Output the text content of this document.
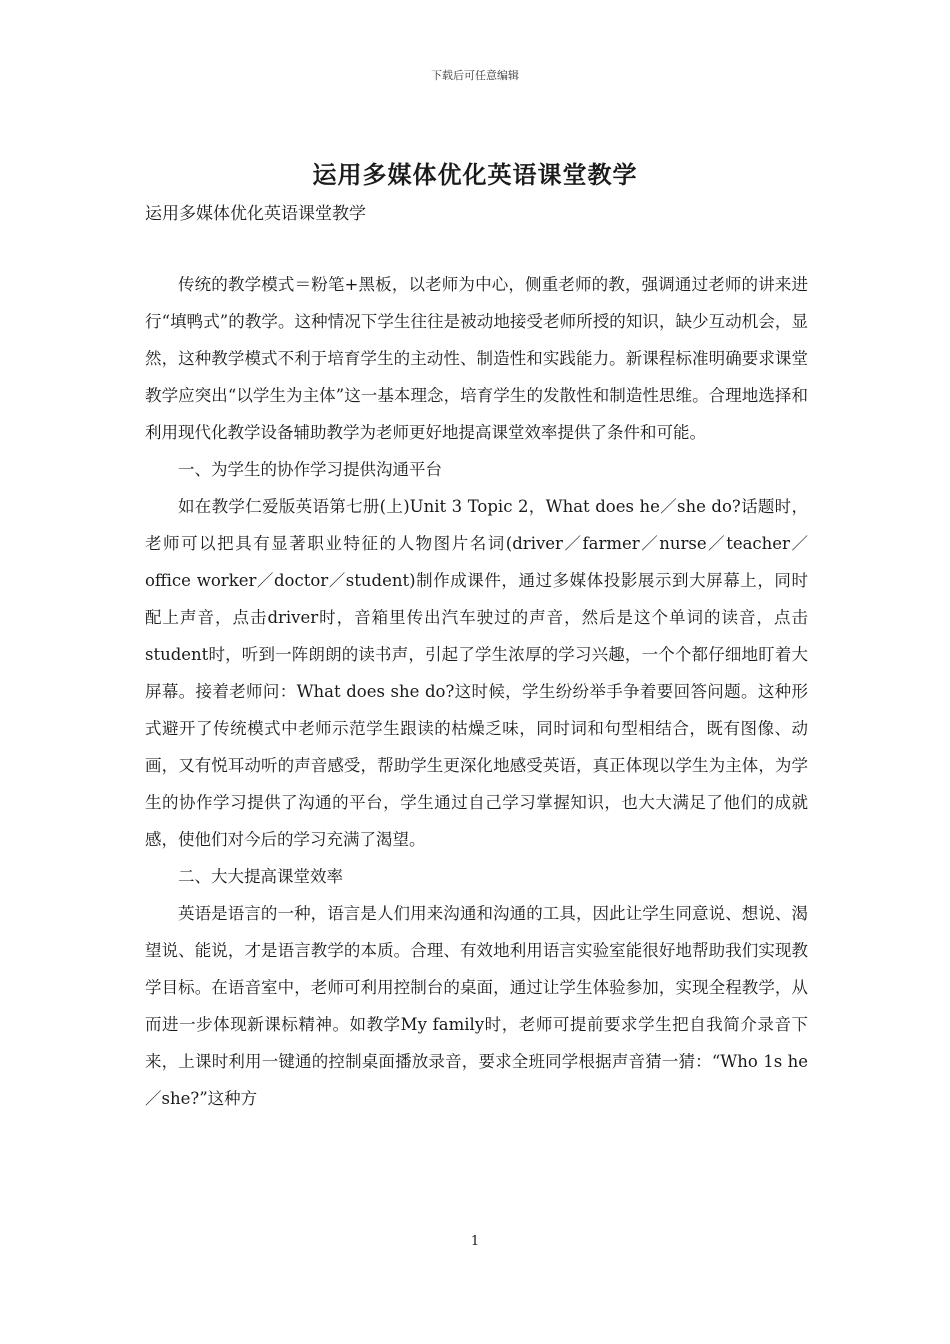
下载后可任意编辑
运用多媒体优化英语课堂教学
运用多媒体优化英语课堂教学

传统的教学模式＝粉笔+黑板，以老师为中心，侧重老师的教，强调通过老师的讲来进行“填鸭式”的教学。这种情况下学生往往是被动地接受老师所授的知识，缺少互动机会，显然，这种教学模式不利于培育学生的主动性、制造性和实践能力。新课程标准明确要求课堂教学应突出“以学生为主体”这一基本理念，培育学生的发散性和制造性思维。合理地选择和利用现代化教学设备辅助教学为老师更好地提高课堂效率提供了条件和可能。

一、为学生的协作学习提供沟通平台

如在教学仁爱版英语第七册(上)Unit 3 Topic 2，What does he／she do?话题时，老师可以把具有显著职业特征的人物图片名词(driver／farmer／nurse／teacher／office worker／doctor／student)制作成课件，通过多媒体投影展示到大屏幕上，同时配上声音，点击driver时，音箱里传出汽车驶过的声音，然后是这个单词的读音，点击student时，听到一阵朗朗的读书声，引起了学生浓厚的学习兴趣，一个个都仔细地盯着大屏幕。接着老师问：What does she do?这时候，学生纷纷举手争着要回答问题。这种形式避开了传统模式中老师示范学生跟读的枯燥乏味，同时词和句型相结合，既有图像、动画，又有悦耳动听的声音感受，帮助学生更深化地感受英语，真正体现以学生为主体，为学生的协作学习提供了沟通的平台，学生通过自己学习掌握知识，也大大满足了他们的成就感，使他们对今后的学习充满了渴望。

二、大大提高课堂效率

英语是语言的一种，语言是人们用来沟通和沟通的工具，因此让学生同意说、想说、渴望说、能说，才是语言教学的本质。合理、有效地利用语言实验室能很好地帮助我们实现教学目标。在语音室中，老师可利用控制台的桌面，通过让学生体验参加，实现全程教学，从而进一步体现新课标精神。如教学My family时，老师可提前要求学生把自我简介录音下来，上课时利用一键通的控制桌面播放录音，要求全班同学根据声音猜一猜：“Who 1s he／she?”这种方

1
